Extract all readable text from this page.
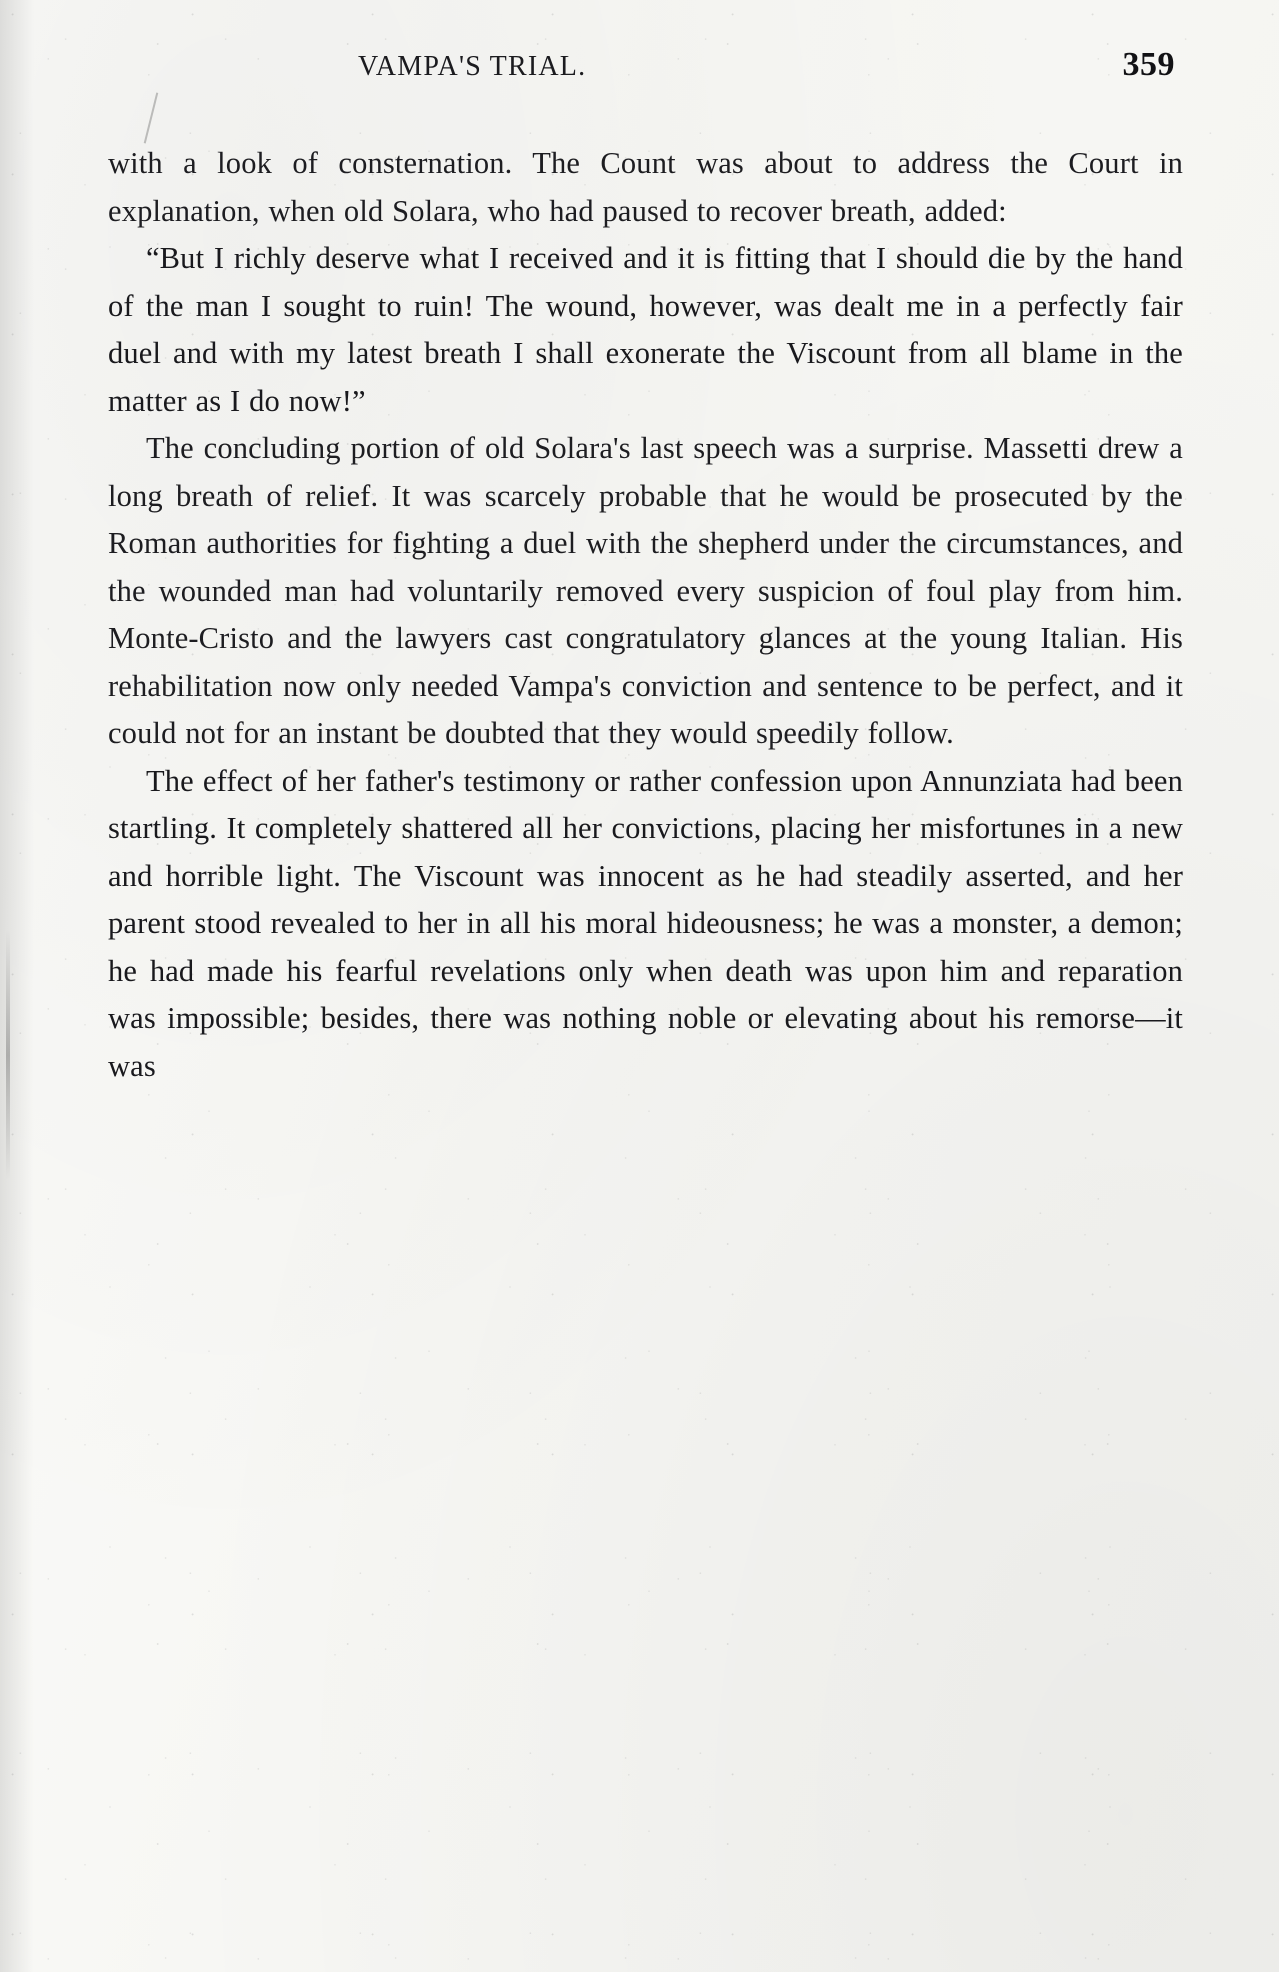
VAMPA'S TRIAL.	359

with a look of consternation. The Count was about to address the Court in explanation, when old Solara, who had paused to recover breath, added:

“But I richly deserve what I received and it is fitting that I should die by the hand of the man I sought to ruin! The wound, however, was dealt me in a perfectly fair duel and with my latest breath I shall exonerate the Viscount from all blame in the matter as I do now!”

The concluding portion of old Solara's last speech was a surprise. Massetti drew a long breath of relief. It was scarcely probable that he would be prosecuted by the Roman authorities for fighting a duel with the shepherd under the circumstances, and the wounded man had voluntarily removed every suspicion of foul play from him. Monte-Cristo and the lawyers cast congratulatory glances at the young Italian. His rehabilitation now only needed Vampa's conviction and sentence to be perfect, and it could not for an instant be doubted that they would speedily follow.

The effect of her father's testimony or rather confession upon Annunziata had been startling. It completely shattered all her convictions, placing her misfortunes in a new and horrible light. The Viscount was innocent as he had steadily asserted, and her parent stood revealed to her in all his moral hideousness; he was a monster, a demon; he had made his fearful revelations only when death was upon him and reparation was impossible; besides, there was nothing noble or elevating about his remorse—it was
